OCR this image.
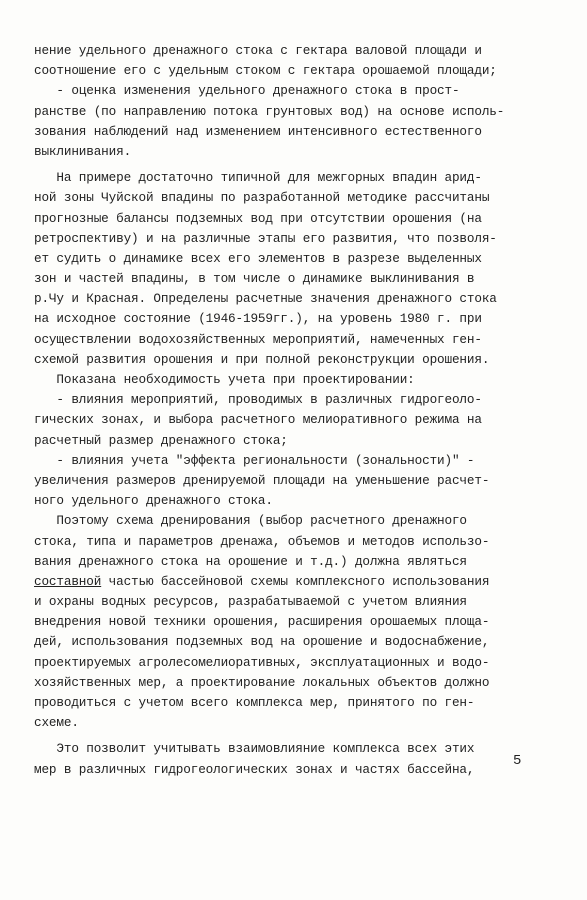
нение удельного дренажного стока с гектара валовой площади и
соотношение его с удельным стоком с гектара орошаемой площади;
- оценка изменения удельного дренажного стока в прост-
ранстве (по направлению потока грунтовых вод) на основе исполь-
зования наблюдений над изменением интенсивного естественного
выклинивания.
На примере достаточно типичной для межгорных впадин арид-
ной зоны Чуйской впадины по разработанной методике рассчитаны
прогнозные балансы подземных вод при отсутствии орошения (на
ретроспективу) и на различные этапы его развития, что позволя-
ет судить о динамике всех его элементов в разрезе выделенных
зон и частей впадины, в том числе о динамике выклинивания в
р.Чу и Красная. Определены расчетные значения дренажного стока
на исходное состояние (1946-1959гг.), на уровень 1980 г. при
осуществлении водохозяйственных мероприятий, намеченных ген-
схемой развития орошения и при полной реконструкции орошения.
Показана необходимость учета при проектировании:
- влияния мероприятий, проводимых в различных гидрогеоло-
гических зонах, и выбора расчетного мелиоративного режима на
расчетный размер дренажного стока;
- влияния учета "эффекта региональности (зональности)" -
увеличения размеров дренируемой площади на уменьшение расчет-
ного удельного дренажного стока.
Поэтому схема дренирования (выбор расчетного дренажного
стока, типа и параметров дренажа, объемов и методов использо-
вания дренажного стока на орошение и т.д.) должна являться
составной частью бассейновой схемы комплексного использования
и охраны водных ресурсов, разрабатываемой с учетом влияния
внедрения новой техники орошения, расширения орошаемых площа-
дей, использования подземных вод на орошение и водоснабжение,
проектируемых агролесомелиоративных, эксплуатационных и водо-
хозяйственных мер, а проектирование локальных объектов должно
проводиться с учетом всего комплекса мер, принятого по ген-
схеме.
Это позволит учитывать взаимовлияние комплекса всех этих
мер в различных гидрогеологических зонах и частях бассейна,
5
